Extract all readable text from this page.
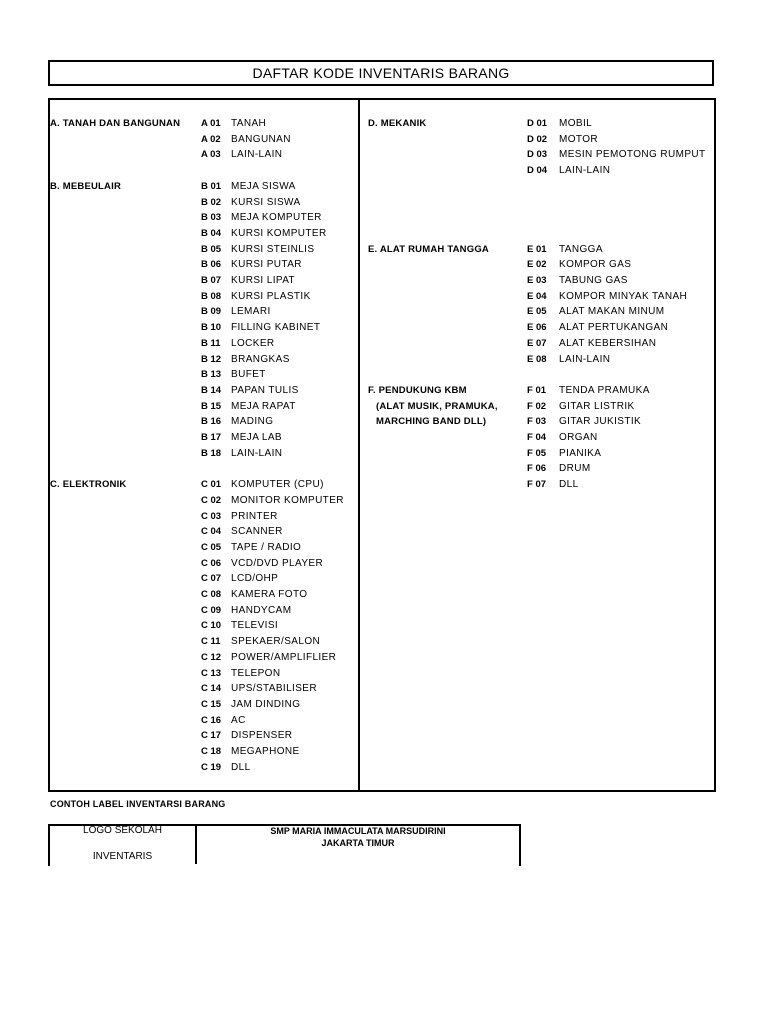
DAFTAR KODE INVENTARIS BARANG
A. TANAH DAN BANGUNAN A 01 TANAH
A 02 BANGUNAN
A 03 LAIN-LAIN
B. MEBEULAIR	B 01 MEJA SISWA
B 02 KURSI SISWA
B 03 MEJA KOMPUTER
B 04 KURSI KOMPUTER
B 05 KURSI STEINLIS
B 06 KURSI PUTAR
B 07 KURSI LIPAT
B 08 KURSI PLASTIK
B 09 LEMARI
B 10 FILLING KABINET
B 11 LOCKER
B 12 BRANGKAS
B 13 BUFET
B 14 PAPAN TULIS
B 15 MEJA RAPAT
B 16 MADING
B 17 MEJA LAB
B 18 LAIN-LAIN
C. ELEKTRONIK	C 01 KOMPUTER (CPU)
C 02 MONITOR KOMPUTER
C 03 PRINTER
C 04 SCANNER
C 05 TAPE / RADIO
C 06 VCD/DVD PLAYER
C 07 LCD/OHP
C 08 KAMERA FOTO
C 09 HANDYCAM
C 10 TELEVISI
C 11 SPEKAER/SALON
C 12 POWER/AMPLIFLIER
C 13 TELEPON
C 14 UPS/STABILISER
C 15 JAM DINDING
C 16 AC
C 17 DISPENSER
C 18 MEGAPHONE
C 19 DLL
D. MEKANIK	D 01 MOBIL
D 02 MOTOR
D 03 MESIN PEMOTONG RUMPUT
D 04 LAIN-LAIN
E. ALAT RUMAH TANGGA	E 01 TANGGA
E 02 KOMPOR GAS
E 03 TABUNG GAS
E 04 KOMPOR MINYAK TANAH
E 05 ALAT MAKAN MINUM
E 06 ALAT PERTUKANGAN
E 07 ALAT KEBERSIHAN
E 08 LAIN-LAIN
F. PENDUKUNG KBM
(ALAT MUSIK, PRAMUKA,
MARCHING BAND DLL)
F 01 TENDA PRAMUKA
F 02 GITAR LISTRIK
F 03 GITAR JUKISTIK
F 04 ORGAN
F 05 PIANIKA
F 06 DRUM
F 07 DLL
CONTOH LABEL INVENTARSI BARANG
LOGO SEKOLAH
INVENTARIS
SMP MARIA IMMACULATA MARSUDIRINI
JAKARTA TIMUR
